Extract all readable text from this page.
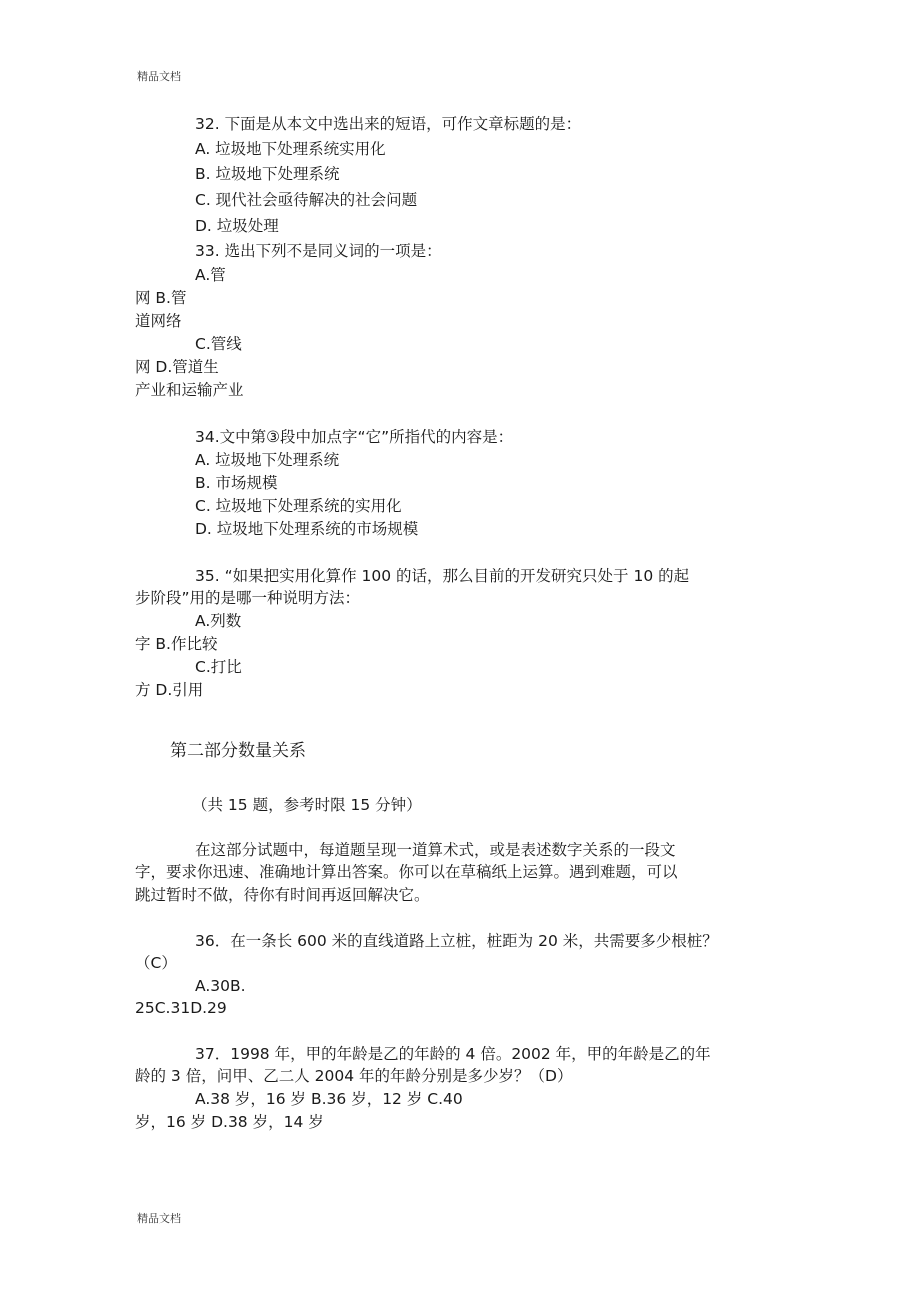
精品文档

32. 下面是从本文中选出来的短语，可作文章标题的是：

A. 垃圾地下处理系统实用化

B. 垃圾地下处理系统

C. 现代社会亟待解决的社会问题

D. 垃圾处理

33. 选出下列不是同义词的一项是：

A.管

网 B.管

道网络

C.管线

网 D.管道生

产业和运输产业

34.文中第③段中加点字“它”所指代的内容是：

A. 垃圾地下处理系统

B. 市场规模

C. 垃圾地下处理系统的实用化

D. 垃圾地下处理系统的市场规模

35. “如果把实用化算作 100 的话，那么目前的开发研究只处于 10 的起

步阶段”用的是哪一种说明方法：

A.列数

字 B.作比较

C.打比

方 D.引用

第二部分数量关系

（共 15 题，参考时限 15 分钟）

在这部分试题中，每道题呈现一道算术式，或是表述数字关系的一段文

字，要求你迅速、准确地计算出答案。你可以在草稿纸上运算。遇到难题，可以

跳过暂时不做，待你有时间再返回解决它。

36．在一条长 600 米的直线道路上立桩，桩距为 20 米，共需要多少根桩？

（C）

A.30B.

25C.31D.29

37．1998 年，甲的年龄是乙的年龄的 4 倍。2002 年，甲的年龄是乙的年

龄的 3 倍，问甲、乙二人 2004 年的年龄分别是多少岁？（D）

A.38 岁，16 岁 B.36 岁，12 岁 C.40

岁，16 岁 D.38 岁，14 岁

精品文档
